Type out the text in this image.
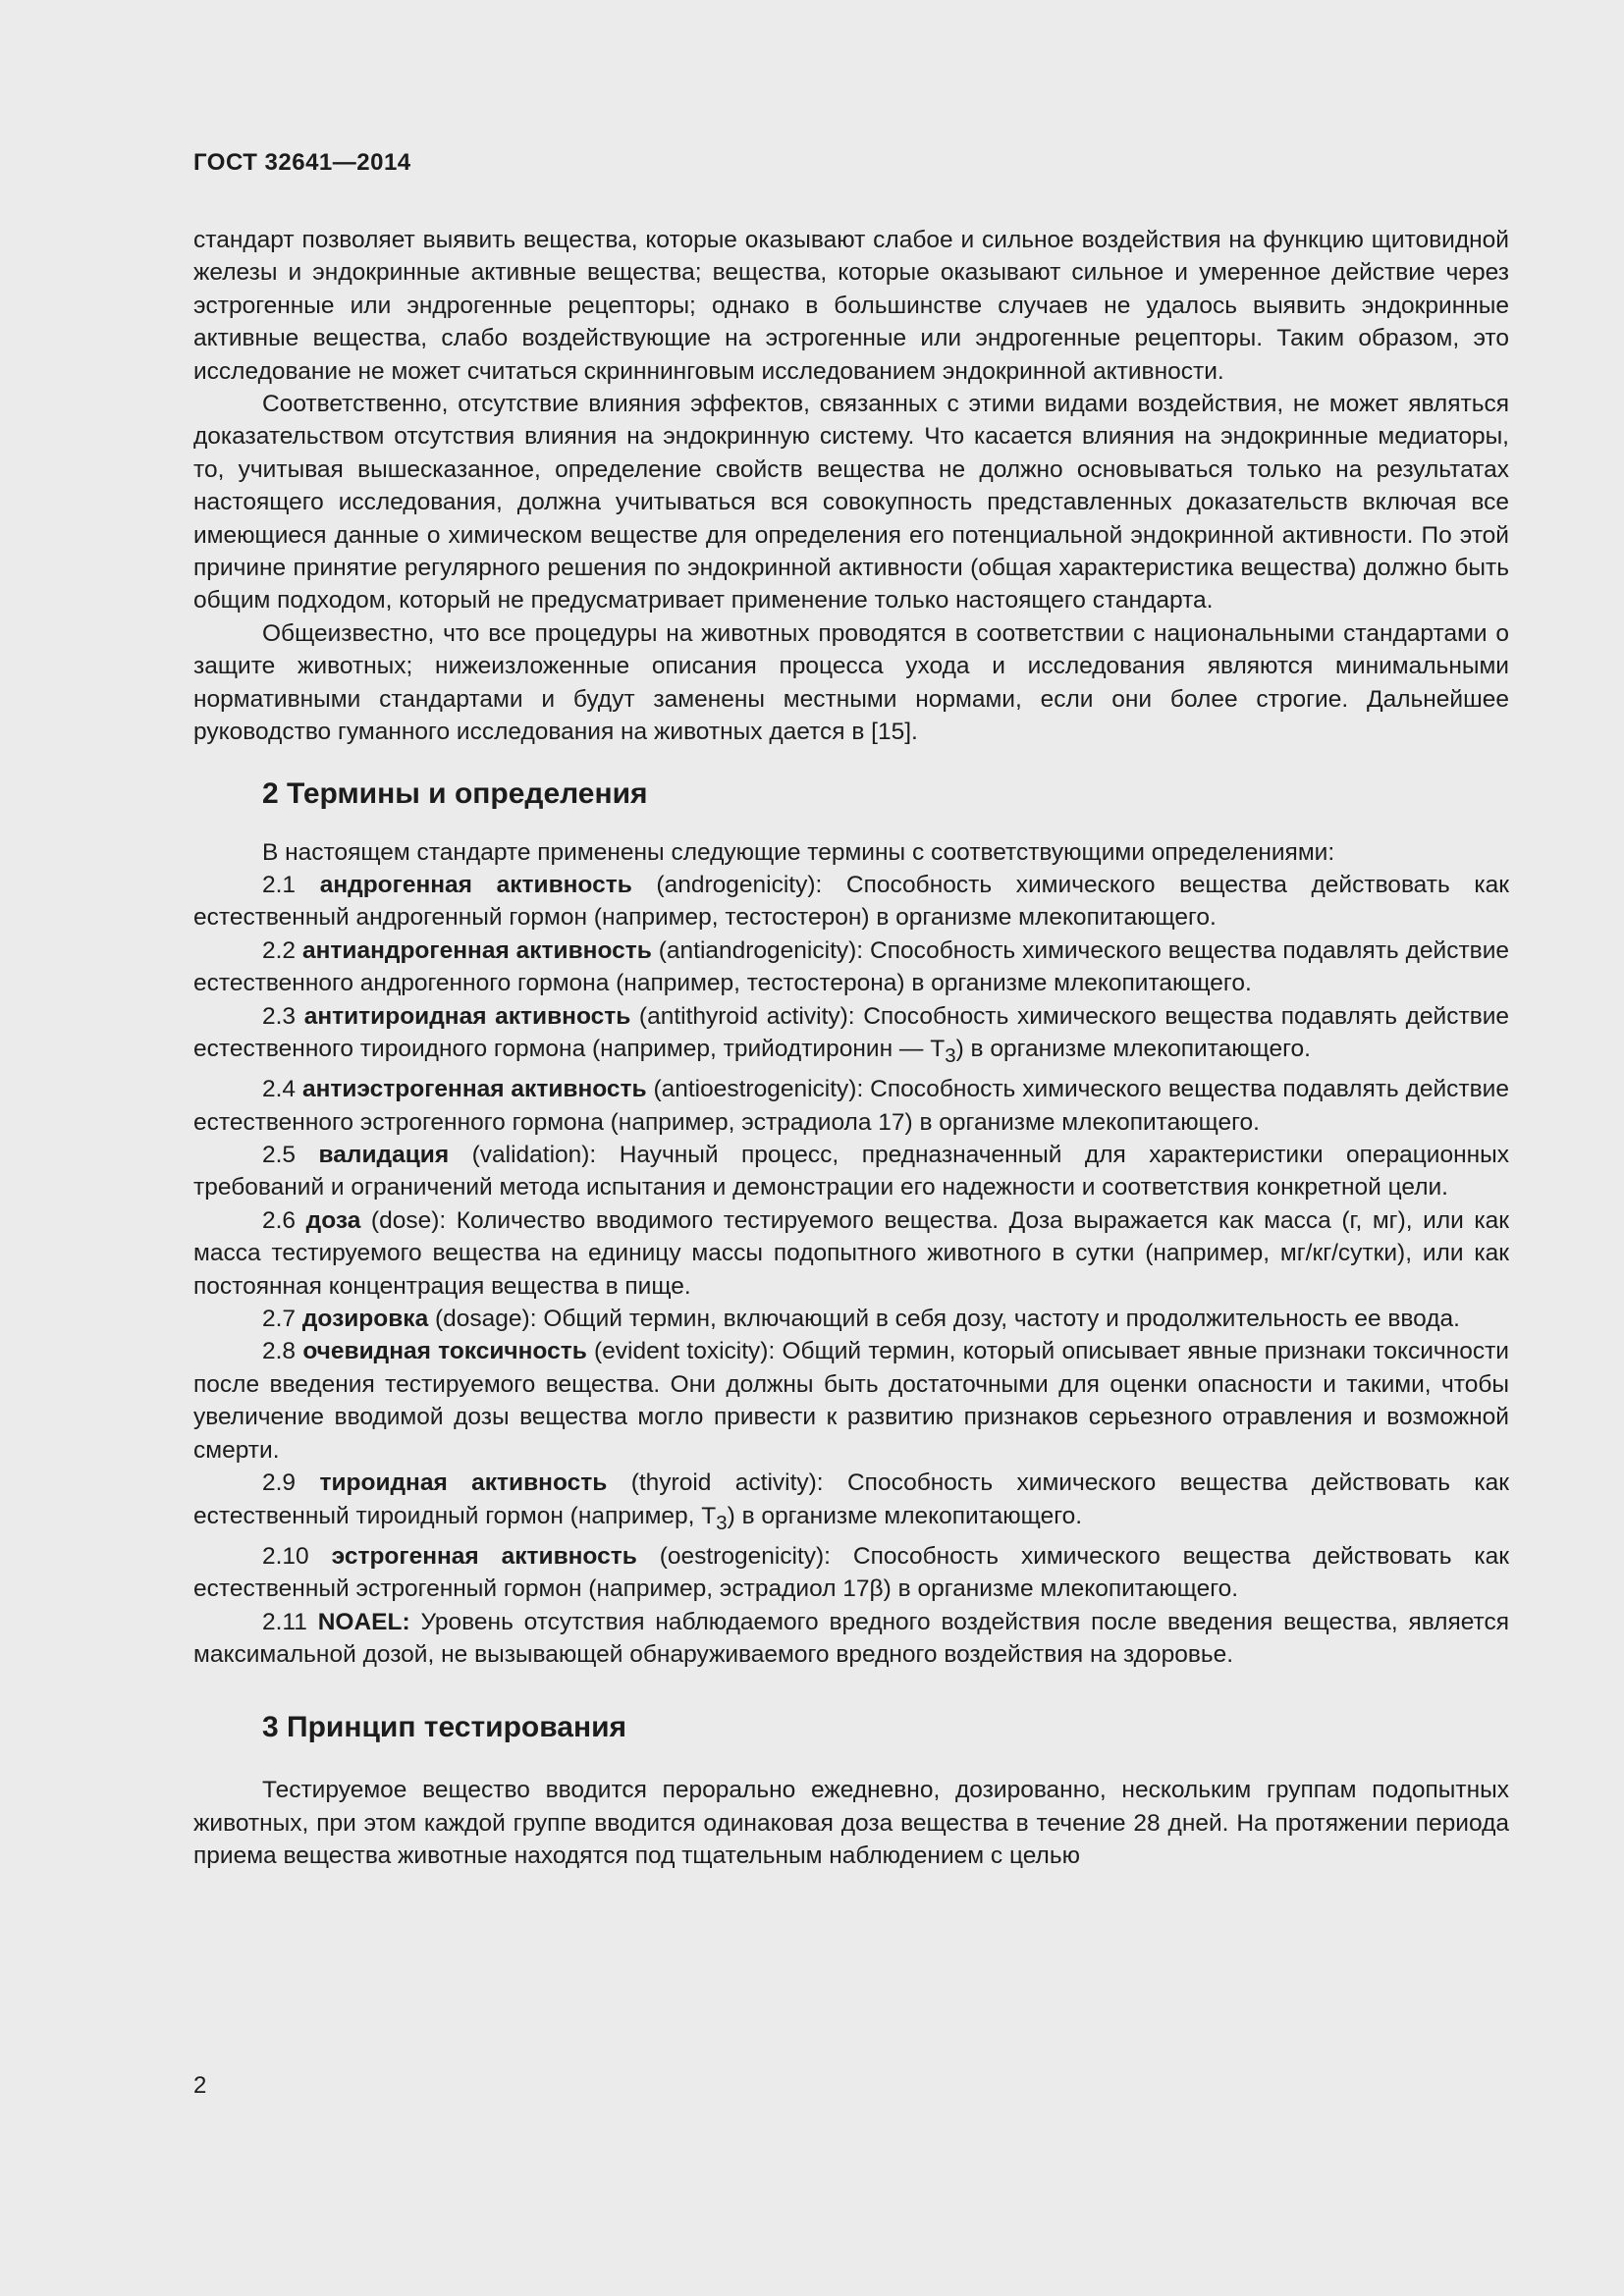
ГОСТ 32641—2014

стандарт позволяет выявить вещества, которые оказывают слабое и сильное воздействия на функцию щитовидной железы и эндокринные активные вещества; вещества, которые оказывают сильное и умеренное действие через эстрогенные или эндрогенные рецепторы; однако в большинстве случаев не удалось выявить эндокринные активные вещества, слабо воздействующие на эстрогенные или эндрогенные рецепторы. Таким образом, это исследование не может считаться скриннинговым исследованием эндокринной активности.

Соответственно, отсутствие влияния эффектов, связанных с этими видами воздействия, не может являться доказательством отсутствия влияния на эндокринную систему. Что касается влияния на эндокринные медиаторы, то, учитывая вышесказанное, определение свойств вещества не должно основываться только на результатах настоящего исследования, должна учитываться вся совокупность представленных доказательств включая все имеющиеся данные о химическом веществе для определения его потенциальной эндокринной активности. По этой причине принятие регулярного решения по эндокринной активности (общая характеристика вещества) должно быть общим подходом, который не предусматривает применение только настоящего стандарта.

Общеизвестно, что все процедуры на животных проводятся в соответствии с национальными стандартами о защите животных; нижеизложенные описания процесса ухода и исследования являются минимальными нормативными стандартами и будут заменены местными нормами, если они более строгие. Дальнейшее руководство гуманного исследования на животных дается в [15].

2 Термины и определения

В настоящем стандарте применены следующие термины с соответствующими определениями:

2.1 андрогенная активность (androgenicity): Способность химического вещества действовать как естественный андрогенный гормон (например, тестостерон) в организме млекопитающего.

2.2 антиандрогенная активность (antiandrogenicity): Способность химического вещества подавлять действие естественного андрогенного гормона (например, тестостерона) в организме млекопитающего.

2.3 антитироидная активность (antithyroid activity): Способность химического вещества подавлять действие естественного тироидного гормона (например, трийодтиронин — $T_3$) в организме млекопитающего.

2.4 антиэстрогенная активность (antioestrogenicity): Способность химического вещества подавлять действие естественного эстрогенного гормона (например, эстрадиола 17) в организме млекопитающего.

2.5 валидация (validation): Научный процесс, предназначенный для характеристики операционных требований и ограничений метода испытания и демонстрации его надежности и соответствия конкретной цели.

2.6 доза (dose): Количество вводимого тестируемого вещества. Доза выражается как масса (г, мг), или как масса тестируемого вещества на единицу массы подопытного животного в сутки (например, мг/кг/сутки), или как постоянная концентрация вещества в пище.

2.7 дозировка (dosage): Общий термин, включающий в себя дозу, частоту и продолжительность ее ввода.

2.8 очевидная токсичность (evident toxicity): Общий термин, который описывает явные признаки токсичности после введения тестируемого вещества. Они должны быть достаточными для оценки опасности и такими, чтобы увеличение вводимой дозы вещества могло привести к развитию признаков серьезного отравления и возможной смерти.

2.9 тироидная активность (thyroid activity): Способность химического вещества действовать как естественный тироидный гормон (например, $T_3$) в организме млекопитающего.

2.10 эстрогенная активность (oestrogenicity): Способность химического вещества действовать как естественный эстрогенный гормон (например, эстрадиол 17β) в организме млекопитающего.

2.11 NOAEL: Уровень отсутствия наблюдаемого вредного воздействия после введения вещества, является максимальной дозой, не вызывающей обнаруживаемого вредного воздействия на здоровье.

3 Принцип тестирования

Тестируемое вещество вводится перорально ежедневно, дозированно, нескольким группам подопытных животных, при этом каждой группе вводится одинаковая доза вещества в течение 28 дней. На протяжении периода приема вещества животные находятся под тщательным наблюдением с целью

2
